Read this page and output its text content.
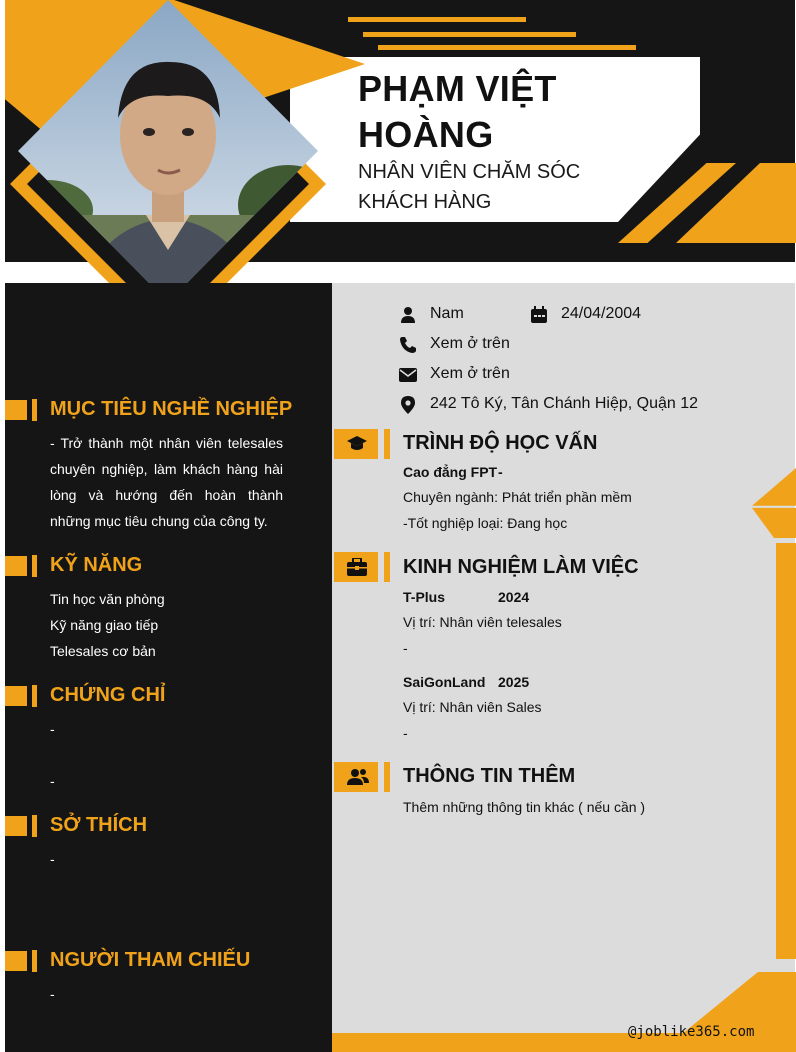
PHẠM VIỆT
HOÀNG
NHÂN VIÊN CHĂM SÓC
KHÁCH HÀNG
MỤC TIÊU NGHỀ NGHIỆP
- Trở thành một nhân viên telesales chuyên nghiệp, làm khách hàng hài lòng và hướng đến hoàn thành những mục tiêu chung của công ty.
KỸ NĂNG
Tin học văn phòng
Kỹ năng giao tiếp
Telesales cơ bản
CHỨNG CHỈ
-
-
SỞ THÍCH
-
NGƯỜI THAM CHIẾU
-
Nam	24/04/2004
Xem ở trên
Xem ở trên
242 Tô Ký, Tân Chánh Hiệp, Quận 12
TRÌNH ĐỘ HỌC VẤN
Cao đẳng FPT -
Chuyên ngành: Phát triển phần mềm
-Tốt nghiệp loại: Đang học
KINH NGHIỆM LÀM VIỆC
T-Plus	2024
Vị trí: Nhân viên telesales
-
SaiGonLand 2025
Vị trí: Nhân viên Sales
-
THÔNG TIN THÊM
Thêm những thông tin khác ( nếu cần )
@joblike365.com
